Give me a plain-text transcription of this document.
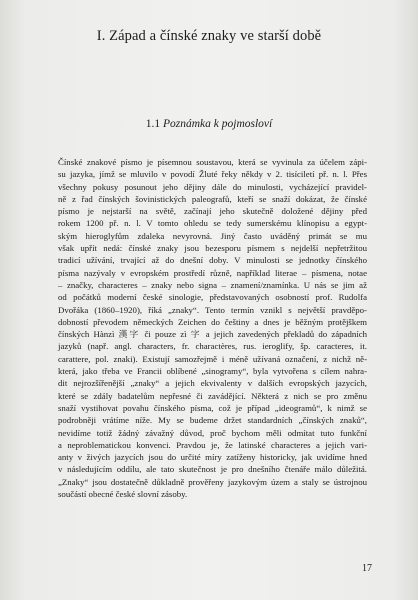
I. Západ a čínské znaky ve starší době
1.1 Poznámka k pojmosloví
Čínské znakové písmo je písemnou soustavou, která se vyvinula za účelem zápi-
su jazyka, jímž se mluvilo v povodí Žluté řeky někdy v 2. tisíciletí př. n. l. Přes
všechny pokusy posunout jeho dějiny dále do minulosti, vycházející pravidel-
ně z řad čínských šovinistických paleografů, kteří se snaží dokázat, že čínské
písmo je nejstarší na světě, začínají jeho skutečně doložené dějiny před
rokem 1200 př. n. l. V tomto ohledu se tedy sumerskému klínopisu a egypt-
ským hieroglyfům zdaleka nevyrovná. Jiný často uváděný primát se mu
však upřít nedá: čínské znaky jsou bezesporu písmem s nejdelší nepřetržitou
tradicí užívání, trvající až do dnešní doby. V minulosti se jednotky čínského
písma nazývaly v evropském prostředí různě, například literae – písmena, notae
– značky, characteres – znaky nebo signa – znamení/znamínka. U nás se jim až
od počátků moderní české sinologie, představovaných osobností prof. Rudolfa
Dvořáka (1860–1920), říká „znaky“. Tento termín vznikl s největší pravděpo-
dobností převodem německých Zeichen do češtiny a dnes je běžným protějškem
čínských Hànzì 漢字 či pouze zì 字 a jejich zavedených překladů do západních
jazyků (např. angl. characters, fr. charactères, rus. ieroglify, šp. caracteres, it.
carattere, pol. znaki). Existují samozřejmě i méně užívaná označení, z nichž ně-
která, jako třeba ve Francii oblíbené „sinogramy“, byla vytvořena s cílem nahra-
dit nejrozšířenější „znaky“ a jejich ekvivalenty v dalších evropských jazycích,
které se zdály badatelům nepřesné či zavádějící. Některá z nich se pro změnu
snaží vystihovat povahu čínského písma, což je případ „ideogramů“, k nimž se
podrobněji vrátíme níže. My se budeme držet standardních „čínských znaků“,
nevidíme totiž žádný závažný důvod, proč bychom měli odmítat tuto funkční
a neproblematickou konvenci. Pravdou je, že latinské characteres a jejich vari-
anty v živých jazycích jsou do určité míry zatíženy historicky, jak uvidíme hned
v následujícím oddílu, ale tato skutečnost je pro dnešního čtenáře málo důležitá.
„Znaky“ jsou dostatečně důkladně prověřeny jazykovým územ a staly se ústrojnou
součástí obecné české slovní zásoby.
17
